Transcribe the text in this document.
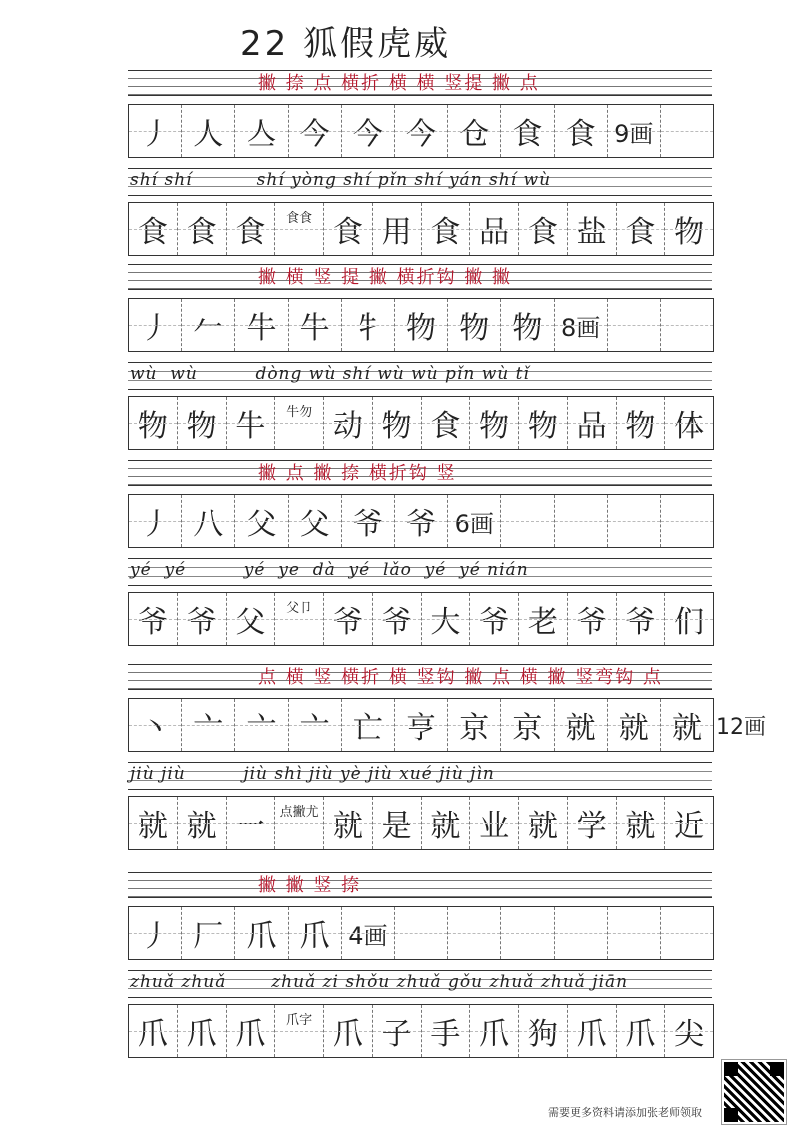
22 狐假虎威
撇 捺 点 横折 横 横 竖提 撇 点
丿 人 亼 今 今 今 仓 食 食 9画
shí shí          shí yòng shí pǐn shí yán shí wù
食 食 食	食食 食 用 食 品 食 盐 食 物
撇 横 竖 提 撇 横折钩 撇 撇
丿 𠂉 牛 牛 牜 物 物 物 8画
wù  wù         dòng wù shí wù wù pǐn wù tǐ
物 物 牛	牛勿 动 物 食 物 物 品 物 体
撇 点 撇 捺 横折钩 竖
丿 八 父 父 爷 爷 6画
yé  yé         yé  ye  dà  yé  lǎo  yé  yé nián
爷 爷 父	父卩 爷 爷 大 爷 老 爷 爷 们
点 横 竖 横折 横 竖钩 撇 点 横 撇 竖弯钩 点
丶 亠 亠 亠 亡 亨 京 京 就 就 就 12画
jiù jiù         jiù shì jiù yè jiù xué jiù jìn
就 就 一	点撇尤 就 是 就 业 就 学 就 近
撇 撇 竖 捺
丿 厂 爪 爪 4画
zhuǎ zhuǎ       zhuǎ zi shǒu zhuǎ gǒu zhuǎ zhuǎ jiān
爪 爪 爪	爪字 爪 子 手 爪 狗 爪 爪 尖
需要更多资料请添加张老师领取
